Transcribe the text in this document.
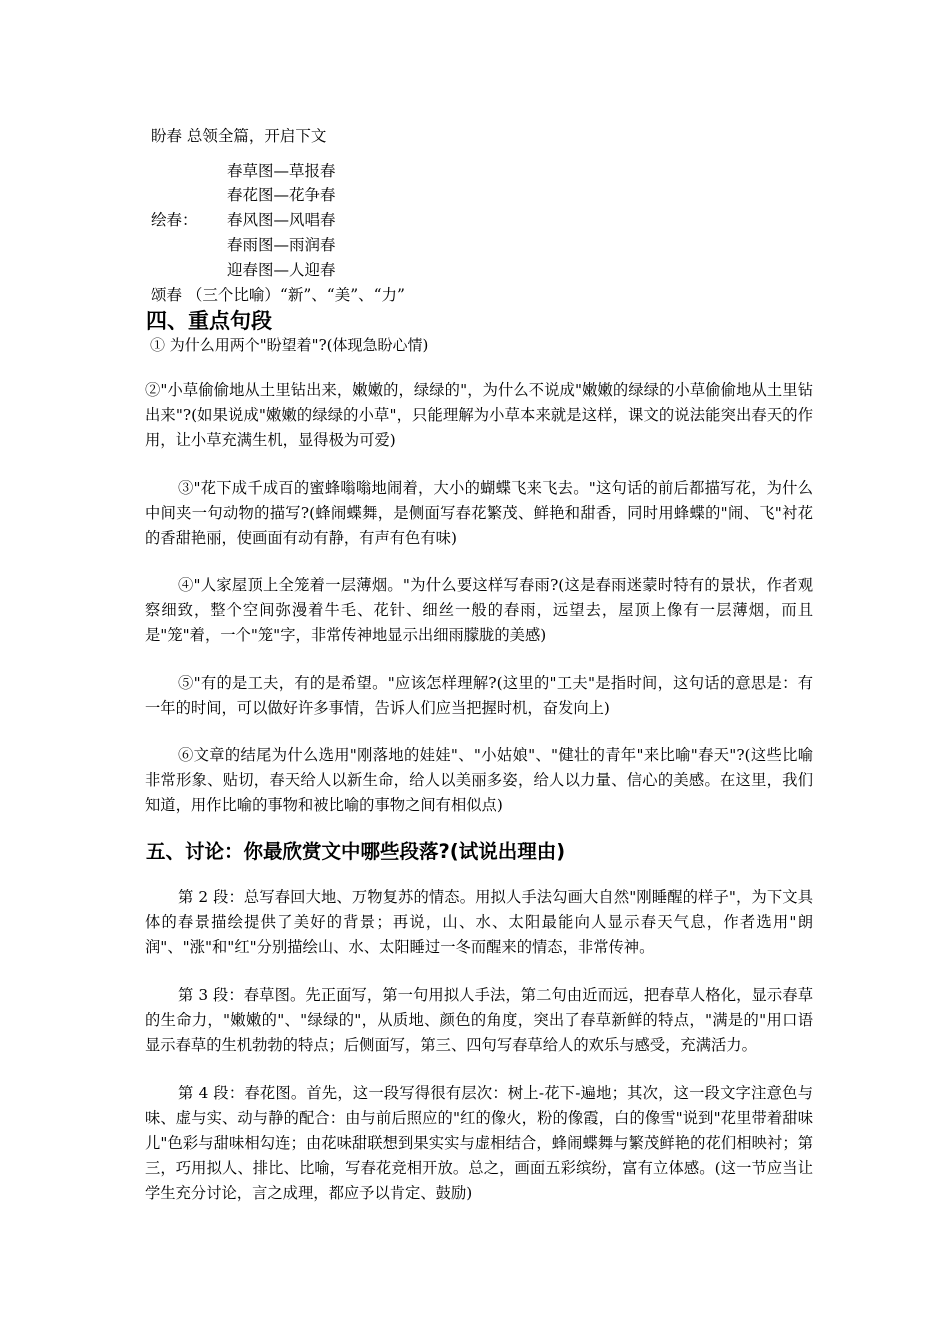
盼春 总领全篇，开启下文
春草图—草报春
春花图—花争春
绘春： 春风图—风唱春
春雨图—雨润春
迎春图—人迎春
颂春 （三个比喻）“新”、“美”、“力”
四、重点句段
① 为什么用两个"盼望着"?(体现急盼心情)
②"小草偷偷地从土里钻出来，嫩嫩的，绿绿的"，为什么不说成"嫩嫩的绿绿的小草偷偷地从土里钻出来"?(如果说成"嫩嫩的绿绿的小草"，只能理解为小草本来就是这样，课文的说法能突出春天的作用，让小草充满生机，显得极为可爱)
③"花下成千成百的蜜蜂嗡嗡地闹着，大小的蝴蝶飞来飞去。"这句话的前后都描写花，为什么中间夹一句动物的描写?(蜂闹蝶舞，是侧面写春花繁茂、鲜艳和甜香，同时用蜂蝶的"闹、飞"衬花的香甜艳丽，使画面有动有静，有声有色有味)
④"人家屋顶上全笼着一层薄烟。"为什么要这样写春雨?(这是春雨迷蒙时特有的景状，作者观察细致，整个空间弥漫着牛毛、花针、细丝一般的春雨，远望去，屋顶上像有一层薄烟，而且是"笼"着，一个"笼"字，非常传神地显示出细雨朦胧的美感)
⑤"有的是工夫，有的是希望。"应该怎样理解?(这里的"工夫"是指时间，这句话的意思是：有一年的时间，可以做好许多事情，告诉人们应当把握时机，奋发向上)
⑥文章的结尾为什么选用"刚落地的娃娃"、"小姑娘"、"健壮的青年"来比喻"春天"?(这些比喻非常形象、贴切，春天给人以新生命，给人以美丽多姿，给人以力量、信心的美感。在这里，我们知道，用作比喻的事物和被比喻的事物之间有相似点)
五、讨论：你最欣赏文中哪些段落?(试说出理由)
第 2 段：总写春回大地、万物复苏的情态。用拟人手法勾画大自然"刚睡醒的样子"，为下文具体的春景描绘提供了美好的背景；再说，山、水、太阳最能向人显示春天气息，作者选用"朗润"、"涨"和"红"分别描绘山、水、太阳睡过一冬而醒来的情态，非常传神。
第 3 段：春草图。先正面写，第一句用拟人手法，第二句由近而远，把春草人格化，显示春草的生命力，"嫩嫩的"、"绿绿的"，从质地、颜色的角度，突出了春草新鲜的特点，"满是的"用口语显示春草的生机勃勃的特点；后侧面写，第三、四句写春草给人的欢乐与感受，充满活力。
第 4 段：春花图。首先，这一段写得很有层次：树上-花下-遍地；其次，这一段文字注意色与味、虚与实、动与静的配合：由与前后照应的"红的像火，粉的像霞，白的像雪"说到"花里带着甜味儿"色彩与甜味相勾连；由花味甜联想到果实实与虚相结合，蜂闹蝶舞与繁茂鲜艳的花们相映衬；第三，巧用拟人、排比、比喻，写春花竞相开放。总之，画面五彩缤纷，富有立体感。(这一节应当让学生充分讨论，言之成理，都应予以肯定、鼓励)
